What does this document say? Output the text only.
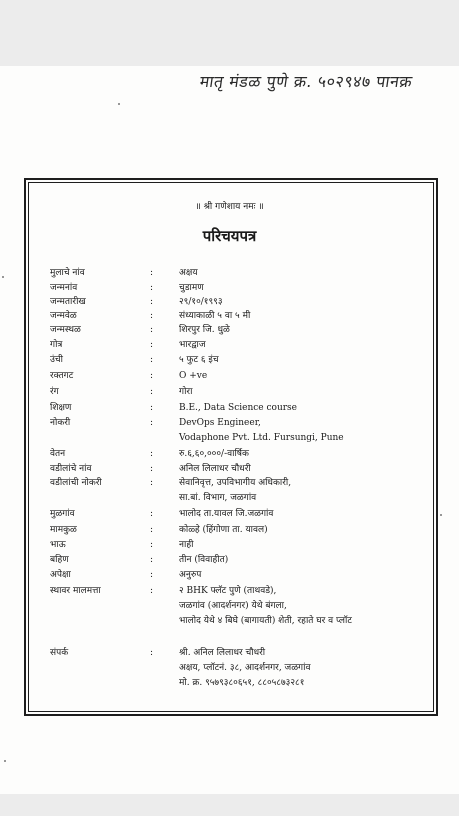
मातृ मंडळ पुणे क्र. ५०२९४७ पानक्र
॥ श्री गणेशाय नमः ॥
परिचयपत्र
मुलाचे नांव	:	अक्षय
जन्मनांव	:	चुडामण
जन्मतारीख	:	२९/१०/१९९३
जन्मवेळ	:	संध्याकाळी ५ वा ५ मी
जन्मस्थळ	:	शिरपुर जि. धुळे
गोत्र	:	भारद्वाज
उंची	:	५ फुट ६ इंच
रक्तगट	:	O +ve
रंग	:	गोरा
शिक्षण	:	B.E., Data Science course
नोकरी	:	DevOps Engineer,
Vodaphone Pvt. Ltd. Fursungi, Pune
वेतन	:	रु.६,६०,०००/-वार्षिक
वडीलांचे नांव	:	अनिल लिलाधर चौधरी
वडीलांची नोकरी	:	सेवानिवृत्त, उपविभागीय अधिकारी,
सा.बां. विभाग, जळगांव
मुळगांव	:	भालोद ता.यावल जि.जळगांव
मामकुळ	:	कोळ्हे (हिंगोणा ता. यावल)
भाऊ	:	नाही
बहिण	:	तीन (विवाहीत)
अपेक्षा	:	अनुरुप
स्थावर मालमत्ता	:	२ BHK फ्लॅट पुणे (ताथवडे),
जळगांव (आदर्शनगर) येथे बंगला,
भालोद येथे ४ बिघे (बागायती) शेती, रहाते घर व प्लॉट
संपर्क	:	श्री. अनिल लिलाधर चौधरी
अक्षय, प्लॉटनं. ३८, आदर्शनगर, जळगांव
मो. क्र. ९५७९३८०६५१, ८८०५८७३२८१
